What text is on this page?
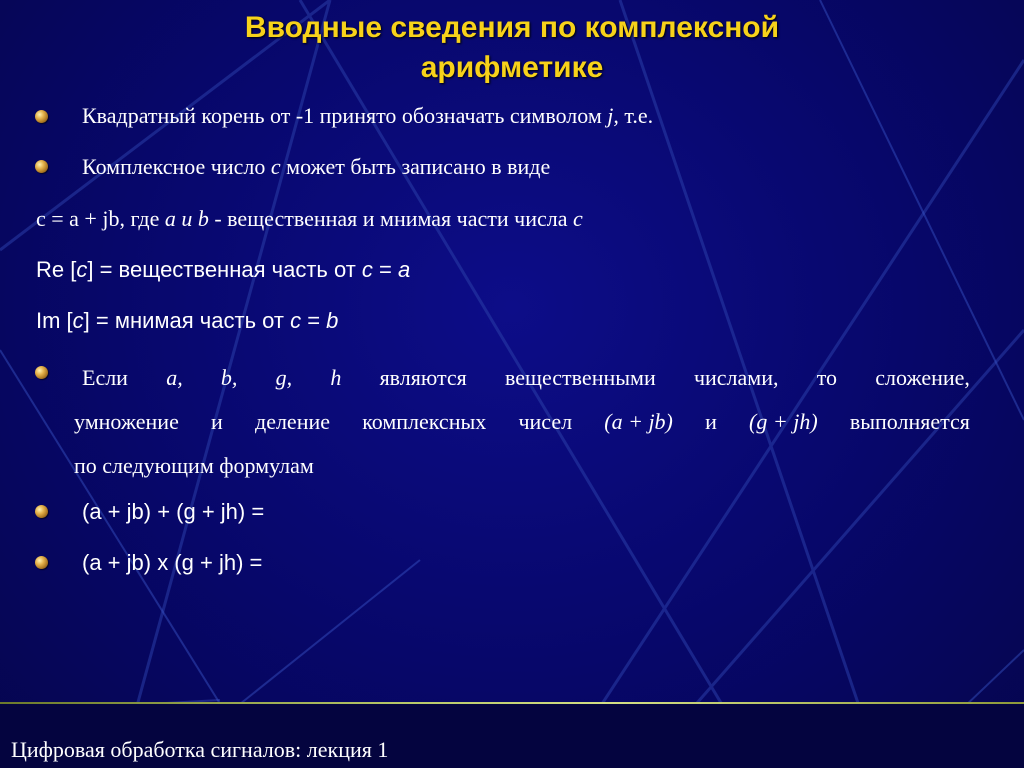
Вводные сведения по комплексной
арифметике
Квадратный корень от -1 принято обозначать символом j, т.е.
Комплексное число c может быть записано в виде
c = a + jb, где a и b - вещественная и мнимая части числа c
Re [c] = вещественная часть от c = a
Im [c] = мнимая часть от c = b
Если a, b, g, h являются вещественными числами, то сложение,
умножение и деление комплексных чисел (a + jb) и (g + jh) выполняется
по следующим формулам
(a + jb) + (g + jh) =
(a + jb) x (g + jh) =
Цифровая обработка сигналов: лекция 1
